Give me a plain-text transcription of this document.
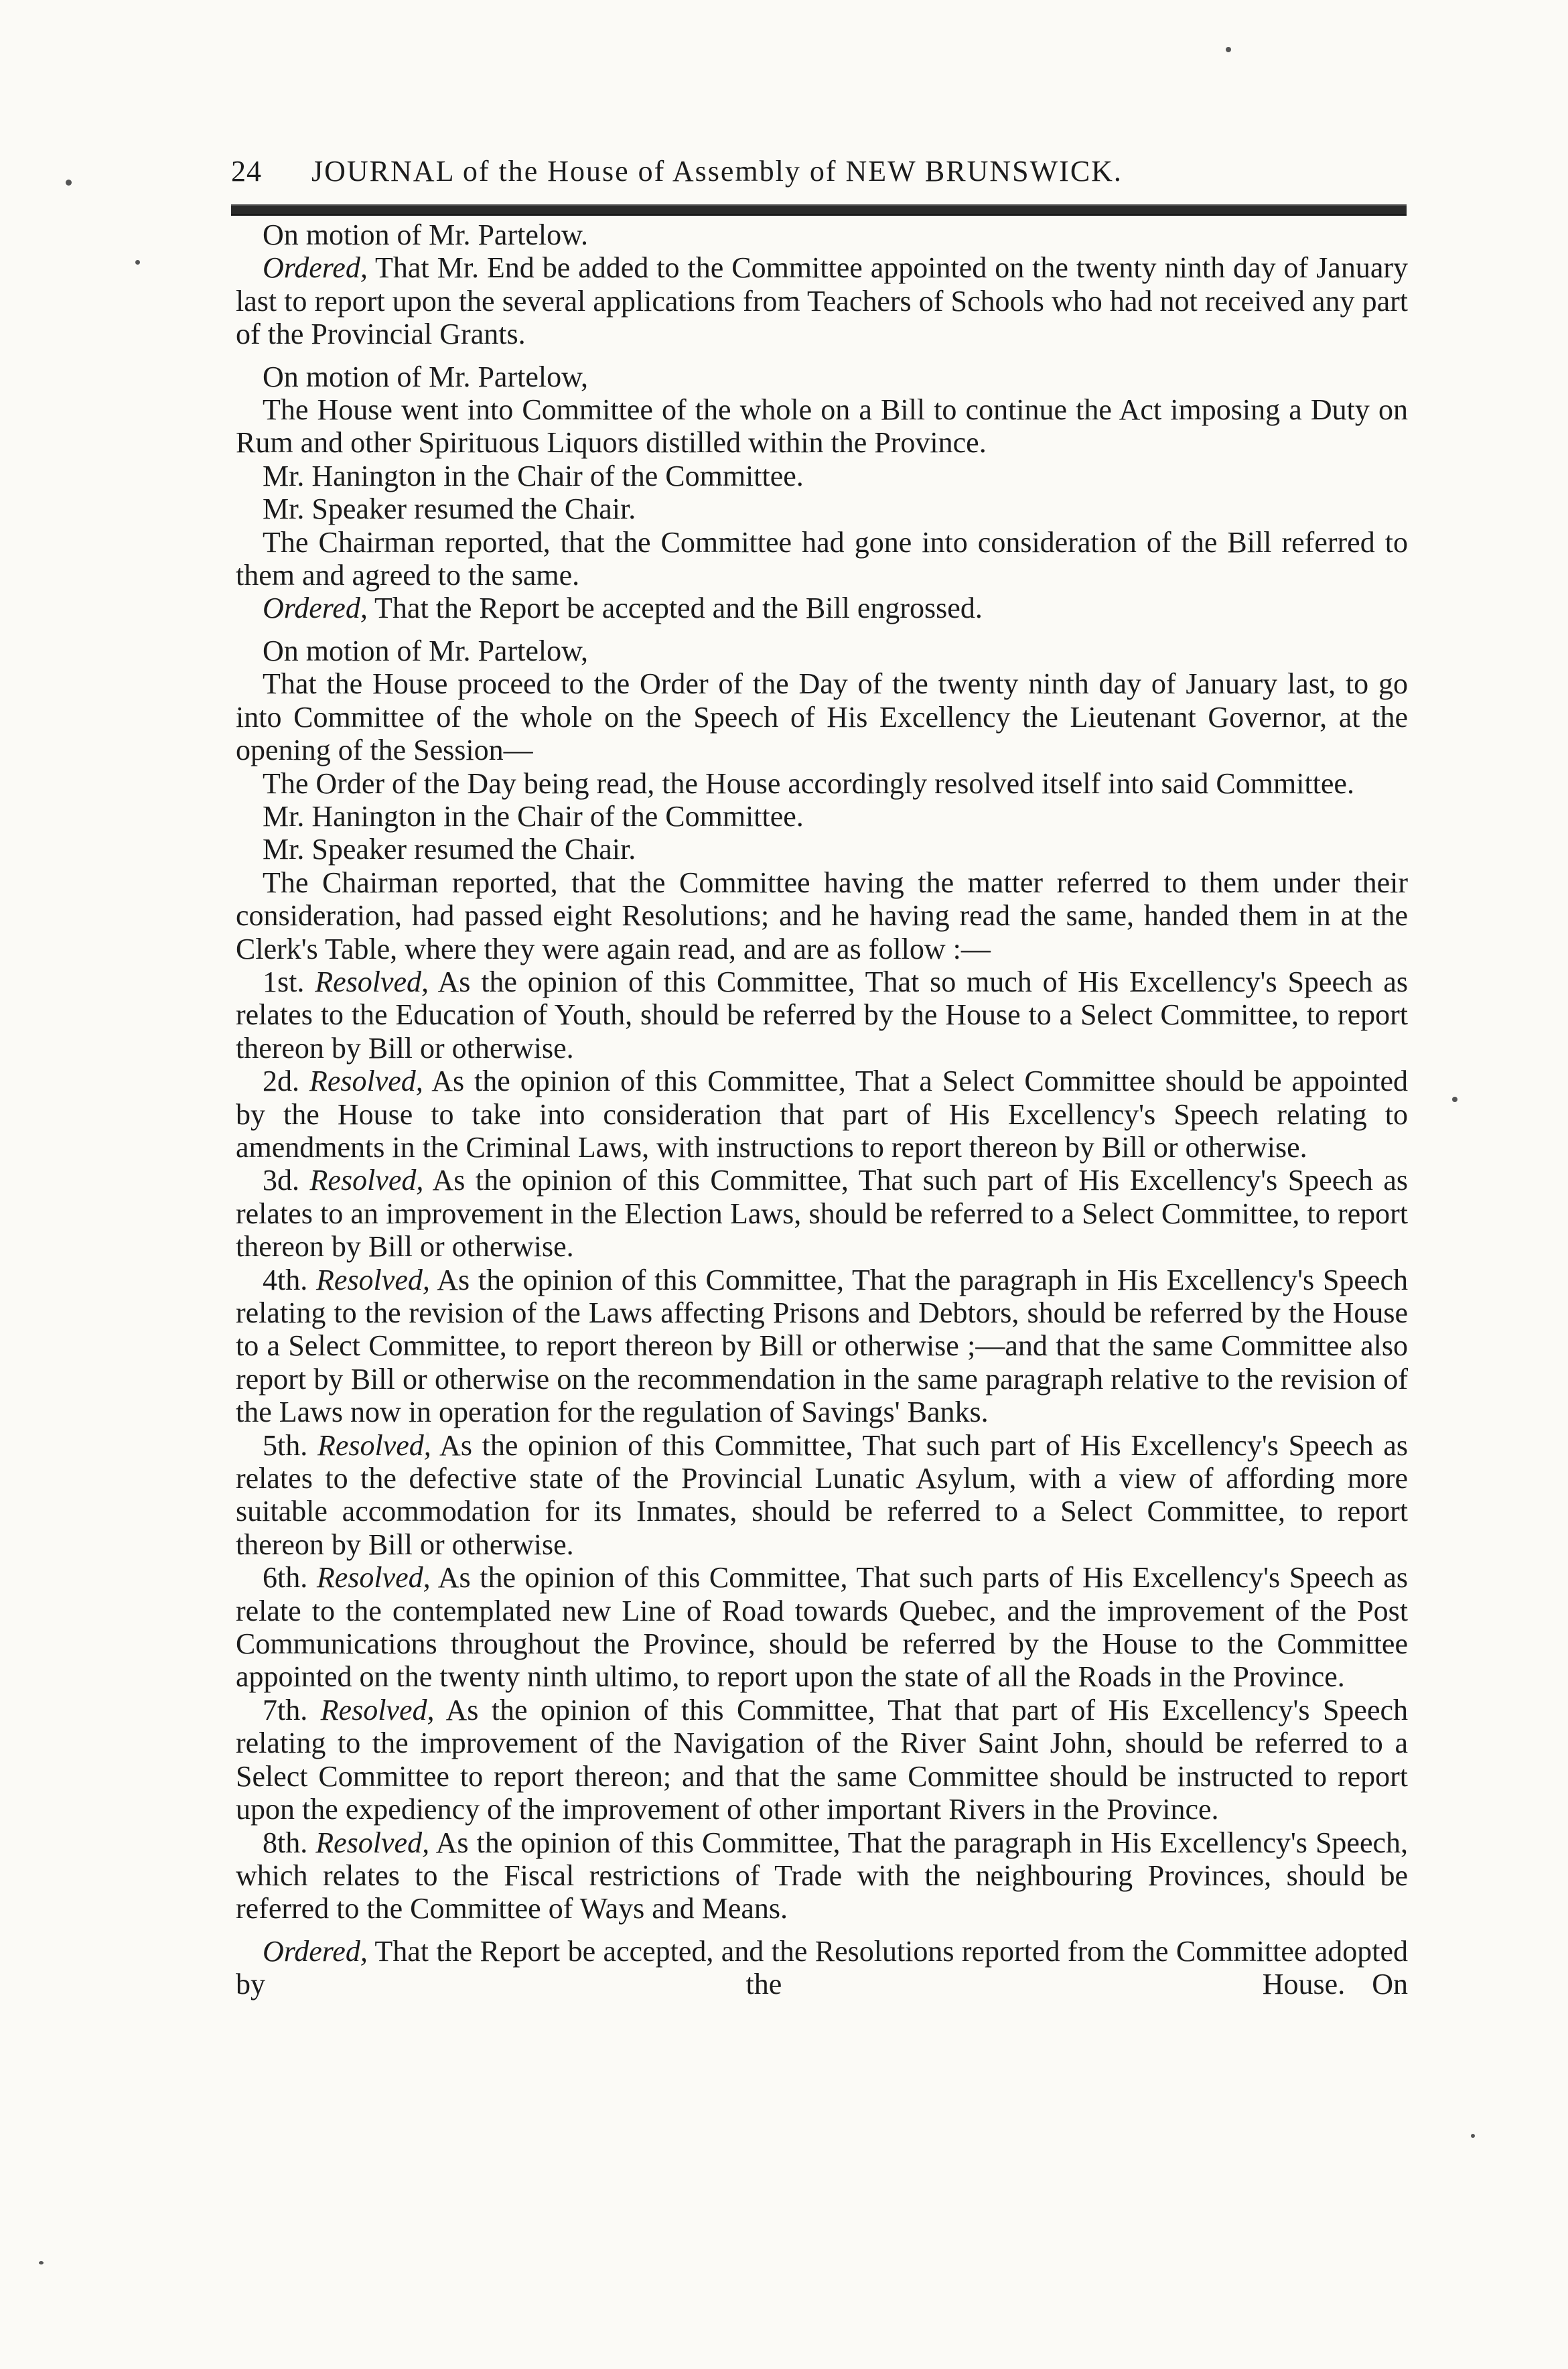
24 JOURNAL of the House of Assembly of NEW BRUNSWICK.

On motion of Mr. Partelow.

Ordered, That Mr. End be added to the Committee appointed on the twenty ninth day of January last to report upon the several applications from Teachers of Schools who had not received any part of the Provincial Grants.

On motion of Mr. Partelow,

The House went into Committee of the whole on a Bill to continue the Act imposing a Duty on Rum and other Spirituous Liquors distilled within the Province.

Mr. Hanington in the Chair of the Committee.

Mr. Speaker resumed the Chair.

The Chairman reported, that the Committee had gone into consideration of the Bill referred to them and agreed to the same.

Ordered, That the Report be accepted and the Bill engrossed.

On motion of Mr. Partelow,

That the House proceed to the Order of the Day of the twenty ninth day of January last, to go into Committee of the whole on the Speech of His Excellency the Lieutenant Governor, at the opening of the Session—

The Order of the Day being read, the House accordingly resolved itself into said Committee.

Mr. Hanington in the Chair of the Committee.

Mr. Speaker resumed the Chair.

The Chairman reported, that the Committee having the matter referred to them under their consideration, had passed eight Resolutions; and he having read the same, handed them in at the Clerk's Table, where they were again read, and are as follow :—

1st. Resolved, As the opinion of this Committee, That so much of His Excellency's Speech as relates to the Education of Youth, should be referred by the House to a Select Committee, to report thereon by Bill or otherwise.

2d. Resolved, As the opinion of this Committee, That a Select Committee should be appointed by the House to take into consideration that part of His Excellency's Speech relating to amendments in the Criminal Laws, with instructions to report thereon by Bill or otherwise.

3d. Resolved, As the opinion of this Committee, That such part of His Excellency's Speech as relates to an improvement in the Election Laws, should be referred to a Select Committee, to report thereon by Bill or otherwise.

4th. Resolved, As the opinion of this Committee, That the paragraph in His Excellency's Speech relating to the revision of the Laws affecting Prisons and Debtors, should be referred by the House to a Select Committee, to report thereon by Bill or otherwise ;—and that the same Committee also report by Bill or otherwise on the recommendation in the same paragraph relative to the revision of the Laws now in operation for the regulation of Savings' Banks.

5th. Resolved, As the opinion of this Committee, That such part of His Excellency's Speech as relates to the defective state of the Provincial Lunatic Asylum, with a view of affording more suitable accommodation for its Inmates, should be referred to a Select Committee, to report thereon by Bill or otherwise.

6th. Resolved, As the opinion of this Committee, That such parts of His Excellency's Speech as relate to the contemplated new Line of Road towards Quebec, and the improvement of the Post Communications throughout the Province, should be referred by the House to the Committee appointed on the twenty ninth ultimo, to report upon the state of all the Roads in the Province.

7th. Resolved, As the opinion of this Committee, That that part of His Excellency's Speech relating to the improvement of the Navigation of the River Saint John, should be referred to a Select Committee to report thereon; and that the same Committee should be instructed to report upon the expediency of the improvement of other important Rivers in the Province.

8th. Resolved, As the opinion of this Committee, That the paragraph in His Excellency's Speech, which relates to the Fiscal restrictions of Trade with the neighbouring Provinces, should be referred to the Committee of Ways and Means.

Ordered, That the Report be accepted, and the Resolutions reported from the Committee adopted by the House. On
